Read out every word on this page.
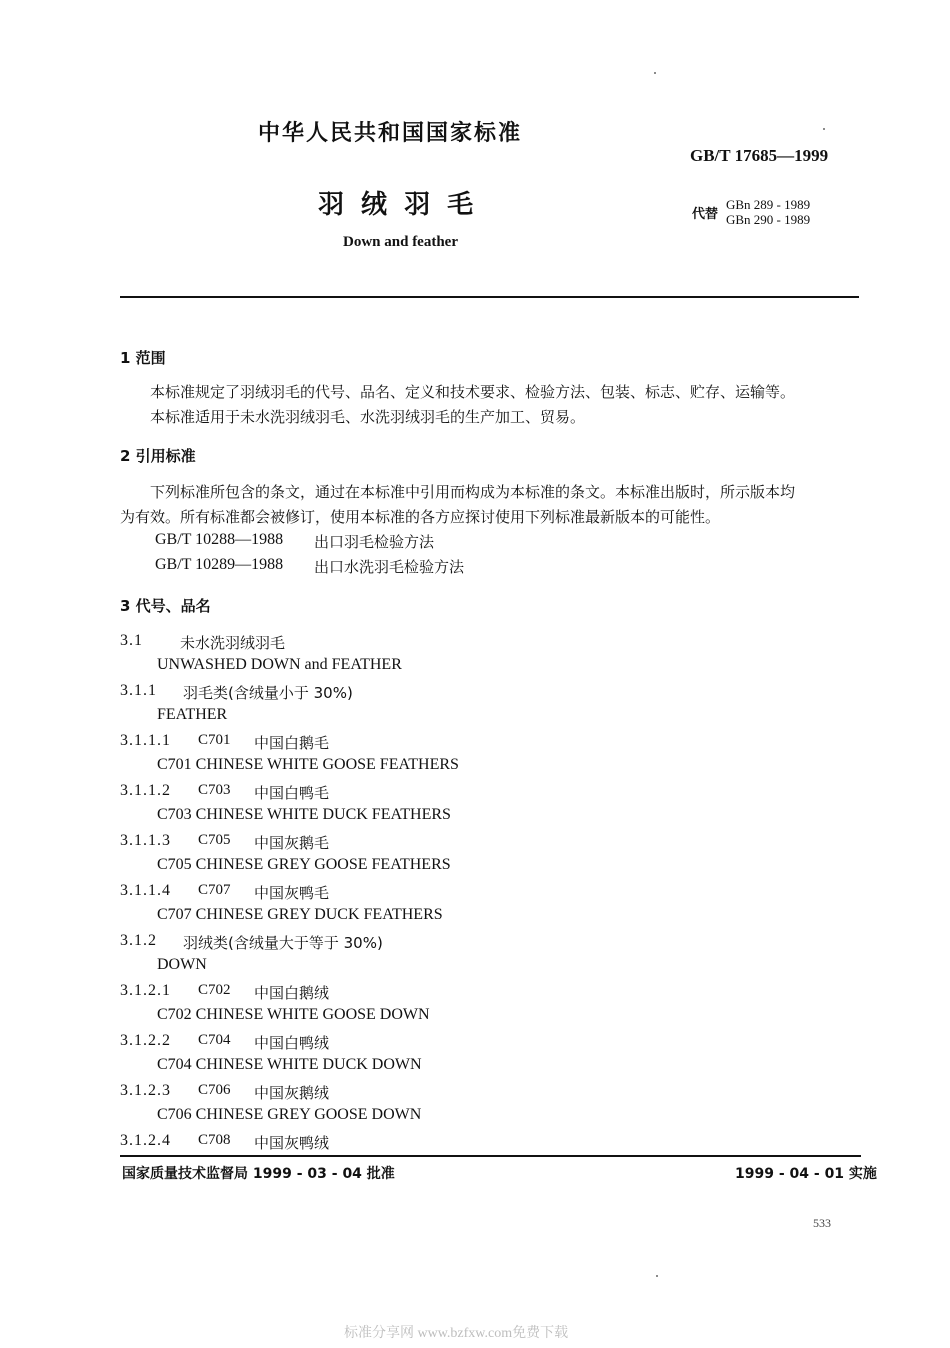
中华人民共和国国家标准
GB/T 17685—1999
羽 绒 羽 毛	代替
GBn 289 - 1989
GBn 290 - 1989
Down and feather
1 范围
本标准规定了羽绒羽毛的代号、品名、定义和技术要求、检验方法、包装、标志、贮存、运输等。
本标准适用于未水洗羽绒羽毛、水洗羽绒羽毛的生产加工、贸易。
2 引用标准
下列标准所包含的条文，通过在本标准中引用而构成为本标准的条文。本标准出版时，所示版本均
为有效。所有标准都会被修订，使用本标准的各方应探讨使用下列标准最新版本的可能性。
GB/T 10288—1988 出口羽毛检验方法
GB/T 10289—1988 出口水洗羽毛检验方法
3 代号、品名
3.1 未水洗羽绒羽毛
UNWASHED DOWN and FEATHER
3.1.1 羽毛类(含绒量小于 30%)
FEATHER
3.1.1.1 C701 中国白鹅毛
C701 CHINESE WHITE GOOSE FEATHERS
3.1.1.2 C703 中国白鸭毛
C703 CHINESE WHITE DUCK FEATHERS
3.1.1.3 C705 中国灰鹅毛
C705 CHINESE GREY GOOSE FEATHERS
3.1.1.4 C707 中国灰鸭毛
C707 CHINESE GREY DUCK FEATHERS
3.1.2 羽绒类(含绒量大于等于 30%)
DOWN
3.1.2.1 C702 中国白鹅绒
C702 CHINESE WHITE GOOSE DOWN
3.1.2.2 C704 中国白鸭绒
C704 CHINESE WHITE DUCK DOWN
3.1.2.3 C706 中国灰鹅绒
C706 CHINESE GREY GOOSE DOWN
3.1.2.4 C708 中国灰鸭绒
国家质量技术监督局 1999 - 03 - 04 批准	1999 - 04 - 01 实施
533
标准分享网 www.bzfxw.com免费下载
